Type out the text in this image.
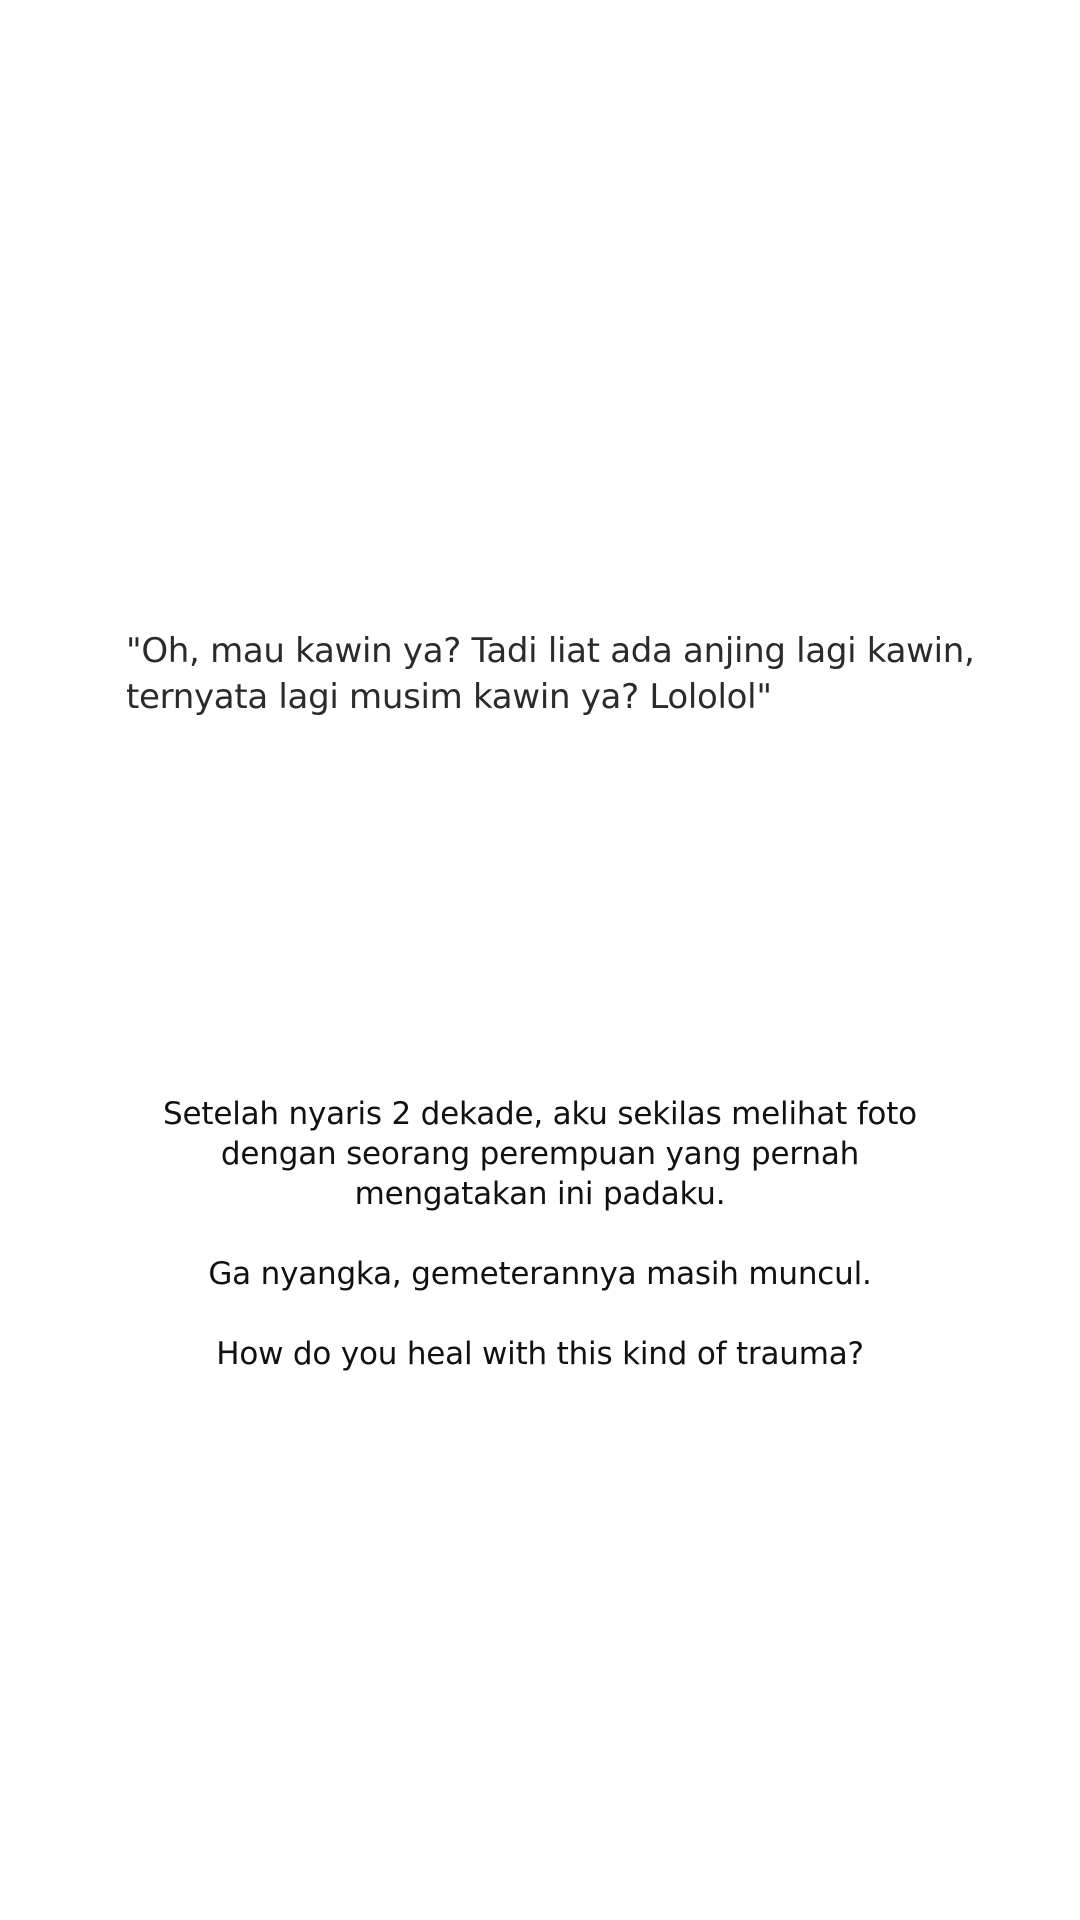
"Oh, mau kawin ya? Tadi liat ada anjing lagi kawin,
ternyata lagi musim kawin ya? Lololol"
Setelah nyaris 2 dekade, aku sekilas melihat foto
dengan seorang perempuan yang pernah
mengatakan ini padaku.
Ga nyangka, gemeterannya masih muncul.
How do you heal with this kind of trauma?
